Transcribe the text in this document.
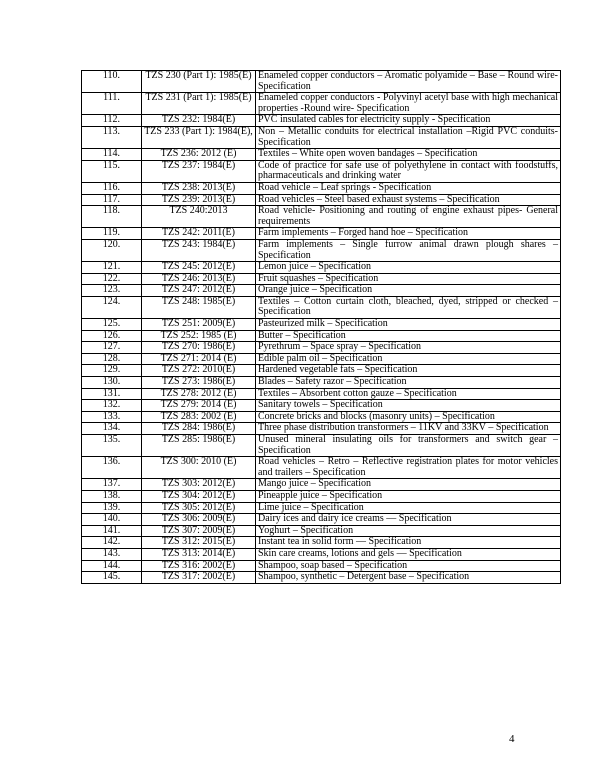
110.	TZS 230 (Part 1): 1985(E)	Enameled copper conductors – Aromatic polyamide – Base – Round wire- Specification
111.	TZS 231 (Part 1): 1985(E)	Enameled copper conductors - Polyvinyl acetyl base with high mechanical properties -Round wire- Specification
112.	TZS 232: 1984(E)	PVC insulated cables for electricity supply - Specification
113.	TZS 233 (Part 1): 1984(E),	Non – Metallic conduits for electrical installation –Rigid PVC conduits- Specification
114.	TZS 236: 2012 (E)	Textiles – White open woven bandages – Specification
115.	TZS 237: 1984(E)	Code of practice for safe use of polyethylene in contact with foodstuffs, pharmaceuticals and drinking water
116.	TZS 238: 2013(E)	Road vehicle – Leaf springs - Specification
117.	TZS 239: 2013(E)	Road vehicles – Steel based exhaust systems – Specification
118.	TZS 240:2013	Road vehicle- Positioning and routing of engine exhaust pipes- General requirements
119.	TZS 242: 2011(E)	Farm implements – Forged hand hoe – Specification
120.	TZS 243: 1984(E)	Farm implements – Single furrow animal drawn plough shares – Specification
121.	TZS 245: 2012(E)	Lemon juice – Specification
122.	TZS 246: 2013(E)	Fruit squashes – Specification
123.	TZS 247: 2012(E)	Orange juice – Specification
124.	TZS 248: 1985(E)	Textiles – Cotton curtain cloth, bleached, dyed, stripped or checked – Specification
125.	TZS 251: 2009(E)	Pasteurized milk – Specification
126.	TZS 252: 1985 (E)	Butter – Specification
127.	TZS 270: 1986(E)	Pyrethrum – Space spray – Specification
128.	TZS 271: 2014 (E)	Edible palm oil – Specification
129.	TZS 272: 2010(E)	Hardened vegetable fats – Specification
130.	TZS 273: 1986(E)	Blades – Safety razor – Specification
131.	TZS 278: 2012 (E)	Textiles – Absorbent cotton gauze – Specification
132.	TZS 279: 2014 (E)	Sanitary towels – Specification
133.	TZS 283: 2002 (E)	Concrete bricks and blocks (masonry units) – Specification
134.	TZS 284: 1986(E)	Three phase distribution transformers – 11KV and 33KV – Specification
135.	TZS 285: 1986(E)	Unused mineral insulating oils for transformers and switch gear – Specification
136.	TZS 300: 2010 (E)	Road vehicles – Retro – Reflective registration plates for motor vehicles and trailers – Specification
137.	TZS 303: 2012(E)	Mango juice – Specification
138.	TZS 304: 2012(E)	Pineapple juice – Specification
139.	TZS 305: 2012(E)	Lime juice – Specification
140.	TZS 306: 2009(E)	Dairy ices and dairy ice creams — Specification
141.	TZS 307: 2009(E)	Yoghurt – Specification
142.	TZS 312: 2015(E)	Instant tea in solid form — Specification
143.	TZS 313: 2014(E)	Skin care creams, lotions and gels — Specification
144.	TZS 316: 2002(E)	Shampoo, soap based – Specification
145.	TZS 317: 2002(E)	Shampoo, synthetic – Detergent base – Specification
4
